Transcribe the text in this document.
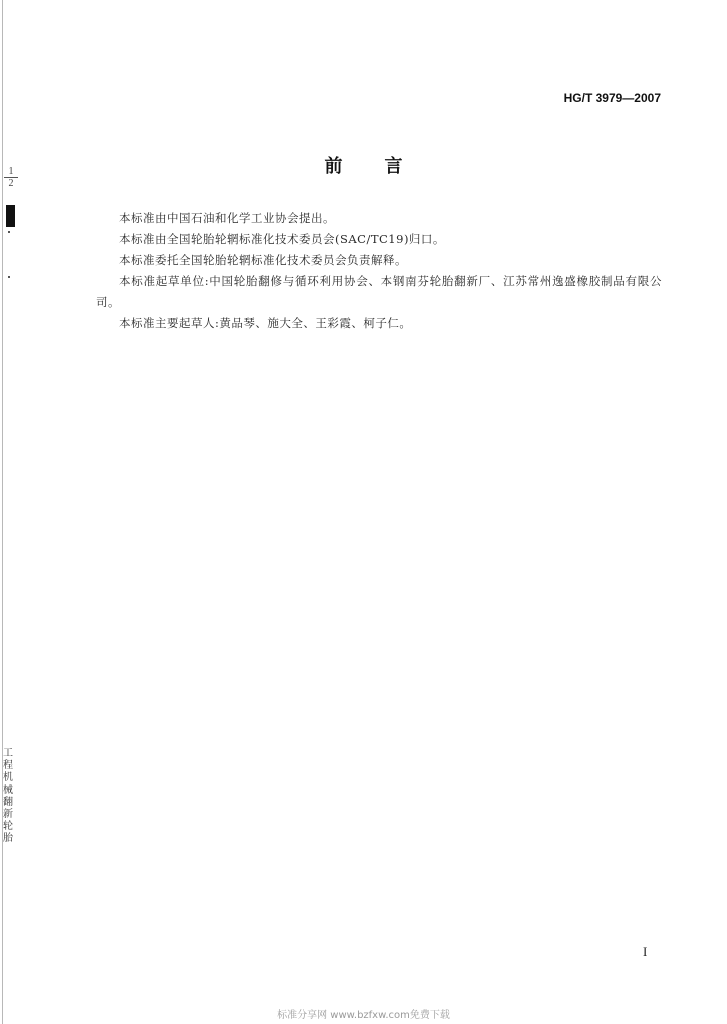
$\frac{1}{2}$
HG/T 3979—2007
前言

本标准由中国石油和化学工业协会提出。

本标准由全国轮胎轮辋标准化技术委员会(SAC/TC19)归口。

本标准委托全国轮胎轮辋标准化技术委员会负责解释。

本标准起草单位:中国轮胎翻修与循环利用协会、本钢南芬轮胎翻新厂、江苏常州逸盛橡胶制品有限公司。

本标准主要起草人:黄品琴、施大全、王彩霞、柯子仁。

工程机械翻新轮胎
I
标准分享网 www.bzfxw.com免费下载
